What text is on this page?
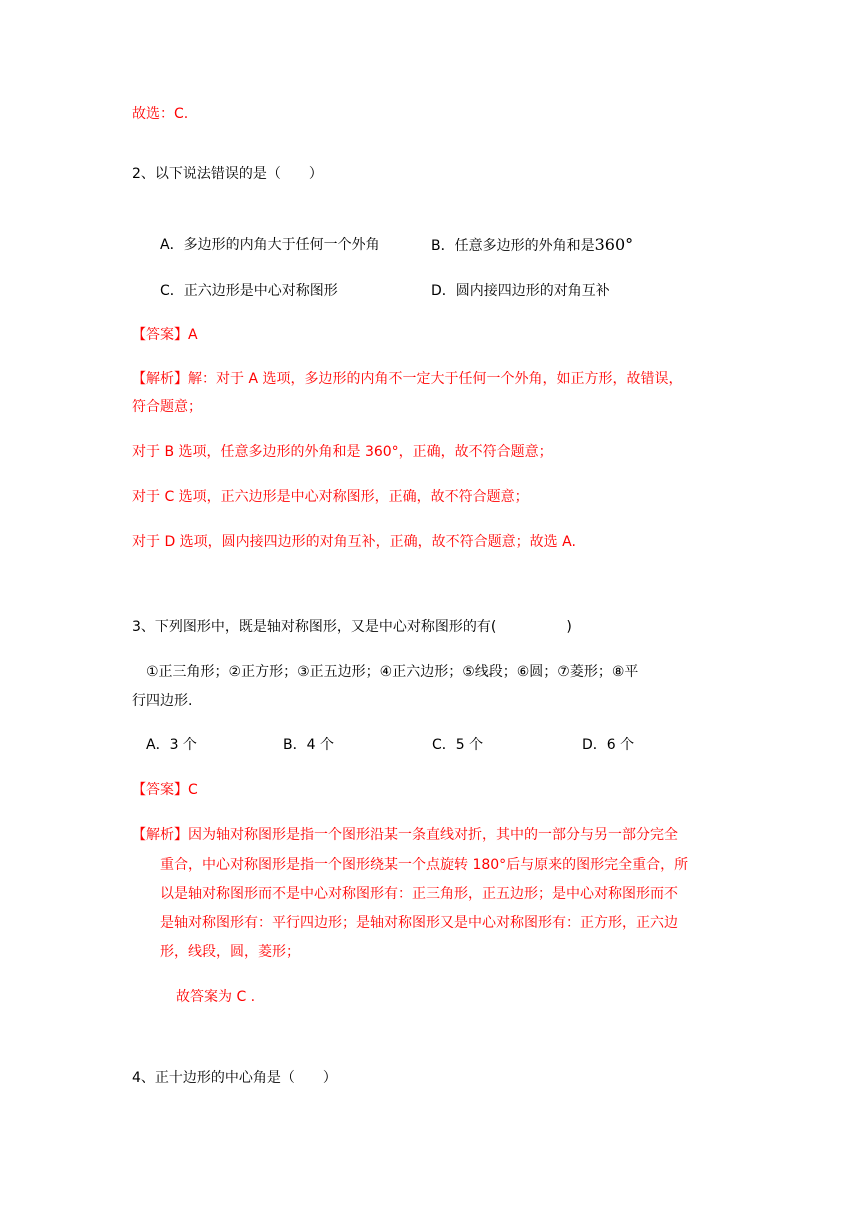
故选：C.
2、以下说法错误的是（　　）
A．多边形的内角大于任何一个外角	B．任意多边形的外角和是360°
C．正六边形是中心对称图形	D．圆内接四边形的对角互补
【答案】A
【解析】解：对于 A 选项，多边形的内角不一定大于任何一个外角，如正方形，故错误，
符合题意；
对于 B 选项，任意多边形的外角和是 360°，正确，故不符合题意；
对于 C 选项，正六边形是中心对称图形，正确，故不符合题意；
对于 D 选项，圆内接四边形的对角互补，正确，故不符合题意；故选 A.
3、下列图形中，既是轴对称图形，又是中心对称图形的有(　　　　　)
①正三角形；②正方形；③正五边形；④正六边形；⑤线段；⑥圆；⑦菱形；⑧平
行四边形.
A．3 个	B．4 个	C．5 个	D．6 个
【答案】C
【解析】因为轴对称图形是指一个图形沿某一条直线对折，其中的一部分与另一部分完全
重合，中心对称图形是指一个图形绕某一个点旋转 180°后与原来的图形完全重合，所
以是轴对称图形而不是中心对称图形有：正三角形，正五边形；是中心对称图形而不
是轴对称图形有：平行四边形；是轴对称图形又是中心对称图形有：正方形，正六边
形，线段，圆，菱形；
故答案为 C .
4、正十边形的中心角是（　　）
